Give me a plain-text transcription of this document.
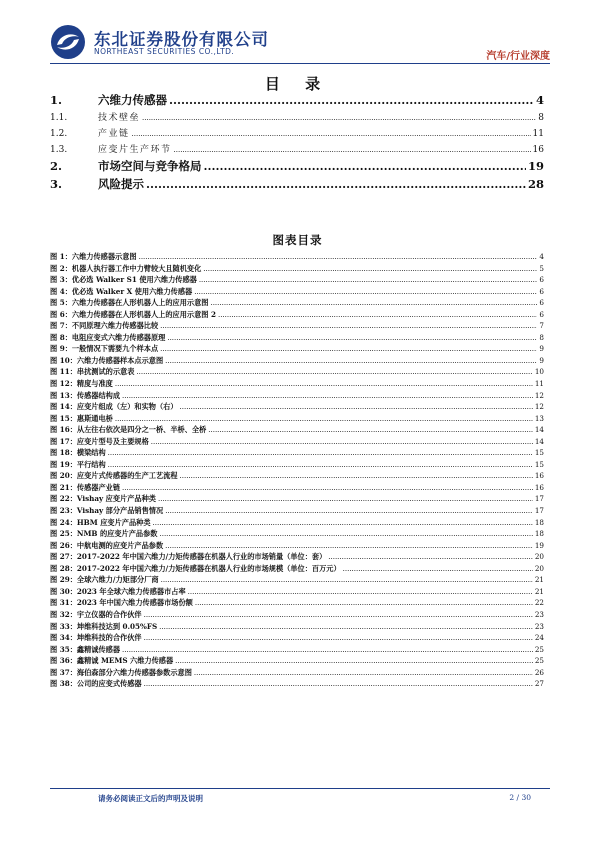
东北证券股份有限公司
NORTHEAST SECURITIES CO.,LTD.	汽车/行业深度
目 录
1.	六维力传感器 .....	4
1.1.	技术壁垒 .....	8
1.2.	产业链 .....	11
1.3.	应变片生产环节 .....	16
2.	市场空间与竞争格局 .....	19
3.	风险提示 .....	28
图表目录
图 1： 六维力传感器示意图 .....	4
图 2： 机器人执行器工作中力臂较大且随机变化 .....	5
图 3： 优必选 Walker S1 使用六维力传感器 .....	6
图 4： 优必选 Walker X 使用六维力传感器 .....	6
图 5： 六维力传感器在人形机器人上的应用示意图 .....	6
图 6： 六维力传感器在人形机器人上的应用示意图 2 .....	6
图 7： 不同原理六维力传感器比较 .....	7
图 8： 电阻应变式六维力传感器原理 .....	8
图 9： 一般情况下需要九个样本点 .....	9
图 10： 六维力传感器样本点示意图 .....	9
图 11： 串扰测试的示意表 .....	10
图 12： 精度与准度 .....	11
图 13： 传感器结构成 .....	12
图 14： 应变片组成（左）和实物（右） .....	12
图 15： 惠斯通电桥 .....	13
图 16： 从左往右依次是四分之一桥、半桥、全桥 .....	14
图 17： 应变片型号及主要规格 .....	14
图 18： 横梁结构 .....	15
图 19： 平行结构 .....	15
图 20： 应变片式传感器的生产工艺流程 .....	16
图 21： 传感器产业链 .....	16
图 22： Vishay 应变片产品种类 .....	17
图 23： Vishay 部分产品销售情况 .....	17
图 24： HBM 应变片产品种类 .....	18
图 25： NMB 的应变片产品参数 .....	18
图 26： 中航电测的应变片产品参数 .....	19
图 27： 2017-2022 年中国六维力/力矩传感器在机器人行业的市场销量（单位：套） .....	20
图 28： 2017-2022 年中国六维力/力矩传感器在机器人行业的市场规模（单位：百万元） .....	20
图 29： 全球六维力/力矩部分厂商 .....	21
图 30： 2023 年全球六维力传感器市占率 .....	21
图 31： 2023 年中国六维力传感器市场份额 .....	22
图 32： 宇立仪器的合作伙伴 .....	23
图 33： 坤维科技达到 0.05%FS .....	23
图 34： 坤维科技的合作伙伴 .....	24
图 35： 鑫精诚传感器 .....	25
图 36： 鑫精诚 MEMS 六维力传感器 .....	25
图 37： 海伯森部分六维力传感器参数示意图 .....	26
图 38： 公司的应变式传感器 .....	27
请务必阅读正文后的声明及说明	2 / 30
